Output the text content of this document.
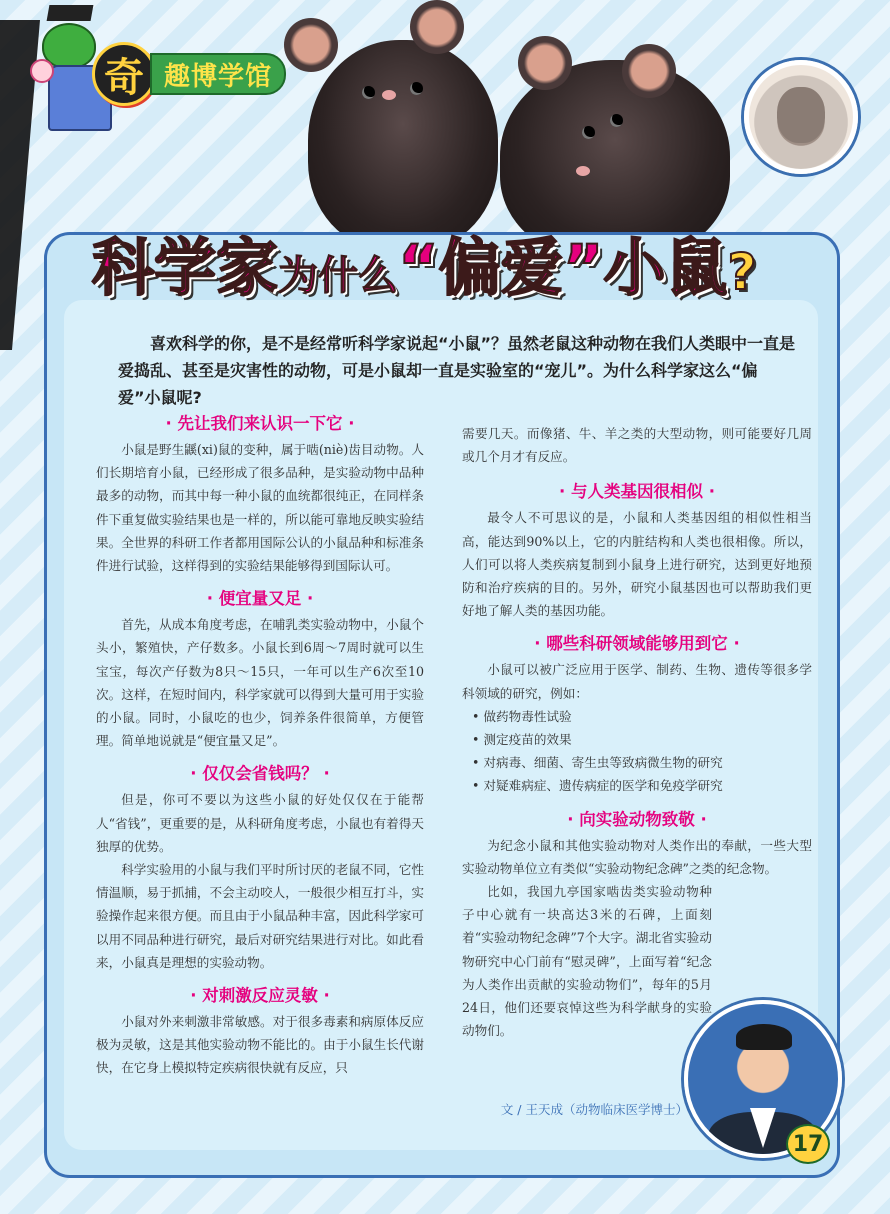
奇 趣博学馆
科学家为什么“偏爱”小鼠?

喜欢科学的你，是不是经常听科学家说起“小鼠”？虽然老鼠这种动物在我们人类眼中一直是爱捣乱、甚至是灾害性的动物，可是小鼠却一直是实验室的“宠儿”。为什么科学家这么“偏爱”小鼠呢?

· 先让我们来认识一下它 ·

小鼠是野生鼷(xi)鼠的变种，属于啮(niè)齿目动物。人们长期培育小鼠，已经形成了很多品种，是实验动物中品种最多的动物，而其中每一种小鼠的血统都很纯正，在同样条件下重复做实验结果也是一样的，所以能可靠地反映实验结果。全世界的科研工作者都用国际公认的小鼠品种和标准条件进行试验，这样得到的实验结果能够得到国际认可。

· 便宜量又足 ·

首先，从成本角度考虑，在哺乳类实验动物中，小鼠个头小，繁殖快，产仔数多。小鼠长到6周～7周时就可以生宝宝，每次产仔数为8只～15只，一年可以生产6次至10次。这样，在短时间内，科学家就可以得到大量可用于实验的小鼠。同时，小鼠吃的也少，饲养条件很简单，方便管理。简单地说就是“便宜量又足”。

· 仅仅会省钱吗？ ·

但是，你可不要以为这些小鼠的好处仅仅在于能帮人“省钱”，更重要的是，从科研角度考虑，小鼠也有着得天独厚的优势。

科学实验用的小鼠与我们平时所讨厌的老鼠不同，它性情温顺，易于抓捕，不会主动咬人，一般很少相互打斗，实验操作起来很方便。而且由于小鼠品种丰富，因此科学家可以用不同品种进行研究，最后对研究结果进行对比。如此看来，小鼠真是理想的实验动物。

· 对刺激反应灵敏 ·

小鼠对外来刺激非常敏感。对于很多毒素和病原体反应极为灵敏，这是其他实验动物不能比的。由于小鼠生长代谢快，在它身上模拟特定疾病很快就有反应，只

需要几天。而像猪、牛、羊之类的大型动物，则可能要好几周或几个月才有反应。

· 与人类基因很相似 ·

最令人不可思议的是，小鼠和人类基因组的相似性相当高，能达到90%以上，它的内脏结构和人类也很相像。所以，人们可以将人类疾病复制到小鼠身上进行研究，达到更好地预防和治疗疾病的目的。另外，研究小鼠基因也可以帮助我们更好地了解人类的基因功能。

· 哪些科研领域能够用到它 ·

小鼠可以被广泛应用于医学、制药、生物、遗传等很多学科领域的研究，例如：

• 做药物毒性试验
• 测定疫苗的效果
• 对病毒、细菌、寄生虫等致病微生物的研究
• 对疑难病症、遗传病症的医学和免疫学研究

· 向实验动物致敬 ·

为纪念小鼠和其他实验动物对人类作出的奉献，一些大型实验动物单位立有类似“实验动物纪念碑”之类的纪念物。

比如，我国九亭国家啮齿类实验动物种子中心就有一块高达3米的石碑，上面刻着“实验动物纪念碑”7个大字。湖北省实验动物研究中心门前有“慰灵碑”，上面写着“纪念为人类作出贡献的实验动物们”，每年的5月24日，他们还要哀悼这些为科学献身的实验动物们。

文 / 王天成（动物临床医学博士）
17
